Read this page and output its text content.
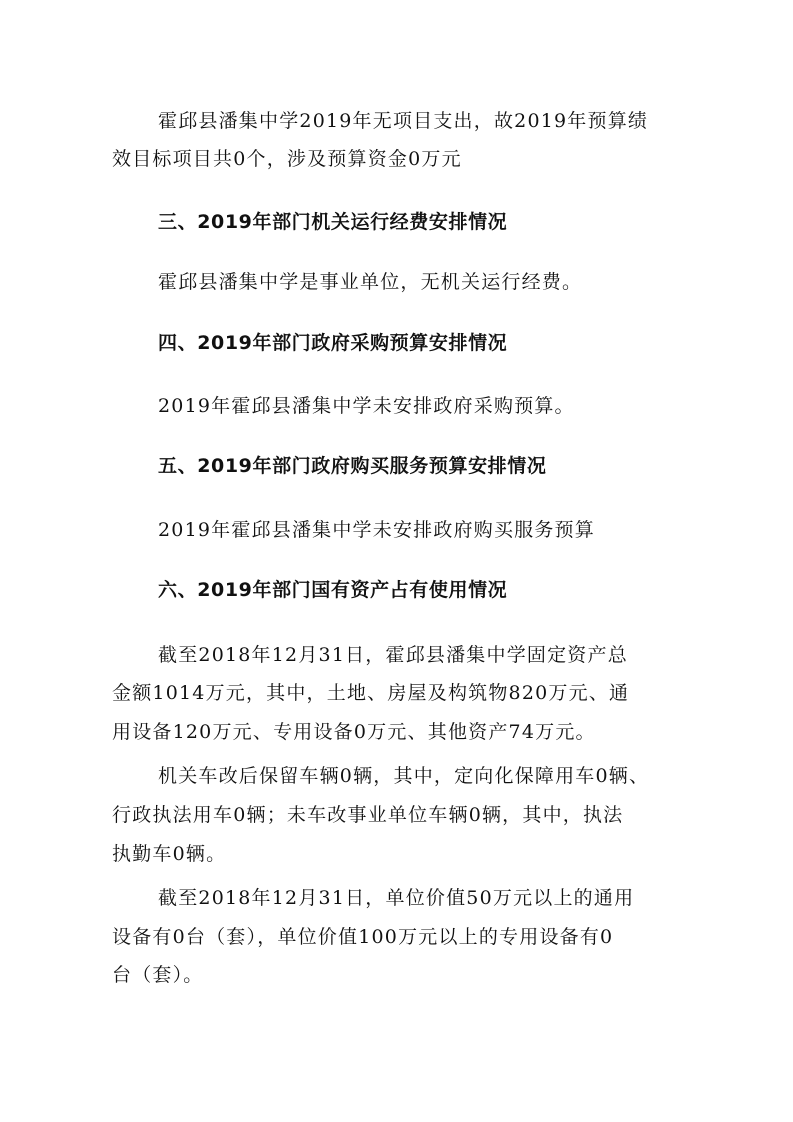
霍邱县潘集中学2019年无项目支出，故2019年预算绩
效目标项目共0个，涉及预算资金0万元
三、2019年部门机关运行经费安排情况
霍邱县潘集中学是事业单位，无机关运行经费。
四、2019年部门政府采购预算安排情况
2019年霍邱县潘集中学未安排政府采购预算。
五、2019年部门政府购买服务预算安排情况
2019年霍邱县潘集中学未安排政府购买服务预算
六、2019年部门国有资产占有使用情况
截至2018年12月31日，霍邱县潘集中学固定资产总
金额1014万元，其中，土地、房屋及构筑物820万元、通
用设备120万元、专用设备0万元、其他资产74万元。
机关车改后保留车辆0辆，其中，定向化保障用车0辆、
行政执法用车0辆；未车改事业单位车辆0辆，其中，执法
执勤车0辆。
截至2018年12月31日，单位价值50万元以上的通用
设备有0台（套），单位价值100万元以上的专用设备有0
台（套）。
